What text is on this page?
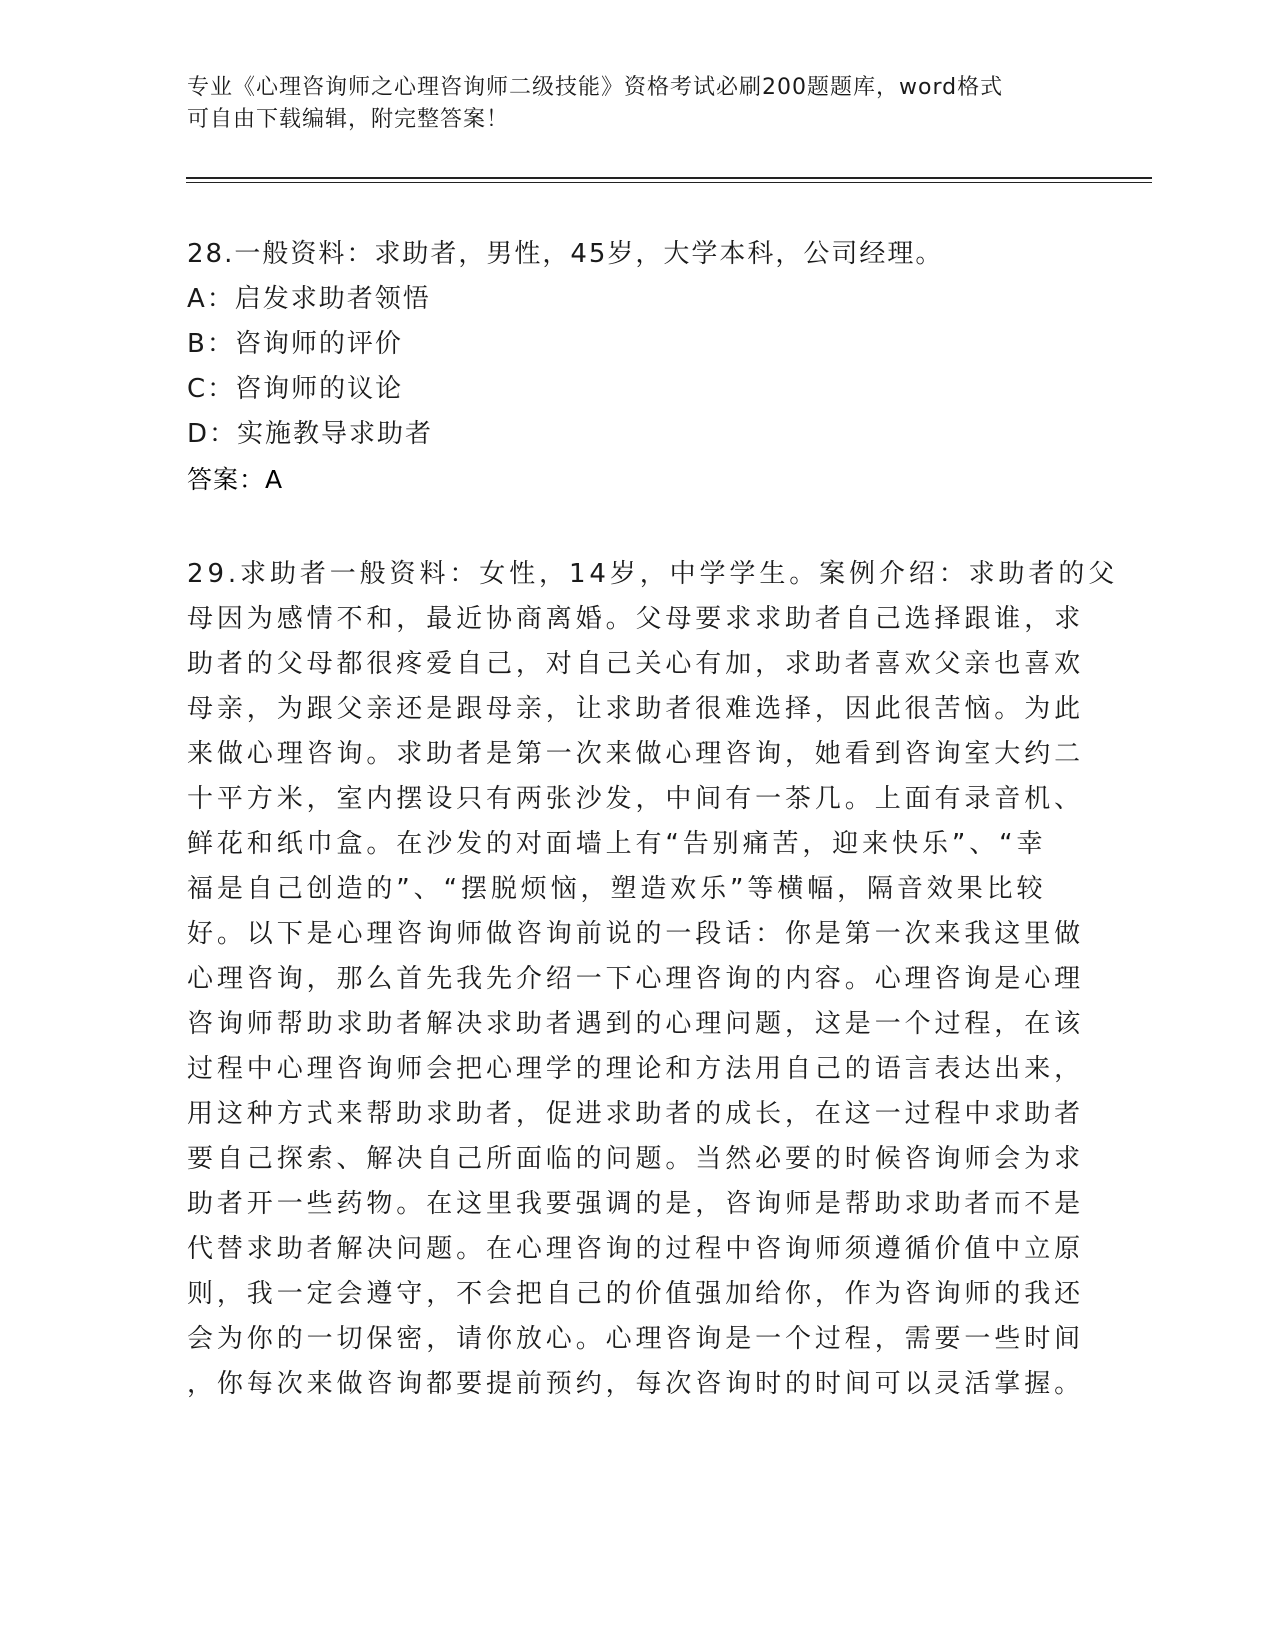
专业《心理咨询师之心理咨询师二级技能》资格考试必刷200题题库，word格式
可自由下载编辑，附完整答案！
28.一般资料：求助者，男性，45岁，大学本科，公司经理。
A：启发求助者领悟
B：咨询师的评价
C：咨询师的议论
D：实施教导求助者
答案：A
29.求助者一般资料：女性，14岁，中学学生。案例介绍：求助者的父
母因为感情不和，最近协商离婚。父母要求求助者自己选择跟谁，求
助者的父母都很疼爱自己，对自己关心有加，求助者喜欢父亲也喜欢
母亲，为跟父亲还是跟母亲，让求助者很难选择，因此很苦恼。为此
来做心理咨询。求助者是第一次来做心理咨询，她看到咨询室大约二
十平方米，室内摆设只有两张沙发，中间有一茶几。上面有录音机、
鲜花和纸巾盒。在沙发的对面墙上有“告别痛苦，迎来快乐”、“幸
福是自己创造的”、“摆脱烦恼，塑造欢乐”等横幅，隔音效果比较
好。以下是心理咨询师做咨询前说的一段话：你是第一次来我这里做
心理咨询，那么首先我先介绍一下心理咨询的内容。心理咨询是心理
咨询师帮助求助者解决求助者遇到的心理问题，这是一个过程，在该
过程中心理咨询师会把心理学的理论和方法用自己的语言表达出来，
用这种方式来帮助求助者，促进求助者的成长，在这一过程中求助者
要自己探索、解决自己所面临的问题。当然必要的时候咨询师会为求
助者开一些药物。在这里我要强调的是，咨询师是帮助求助者而不是
代替求助者解决问题。在心理咨询的过程中咨询师须遵循价值中立原
则，我一定会遵守，不会把自己的价值强加给你，作为咨询师的我还
会为你的一切保密，请你放心。心理咨询是一个过程，需要一些时间
，你每次来做咨询都要提前预约，每次咨询时的时间可以灵活掌握。
